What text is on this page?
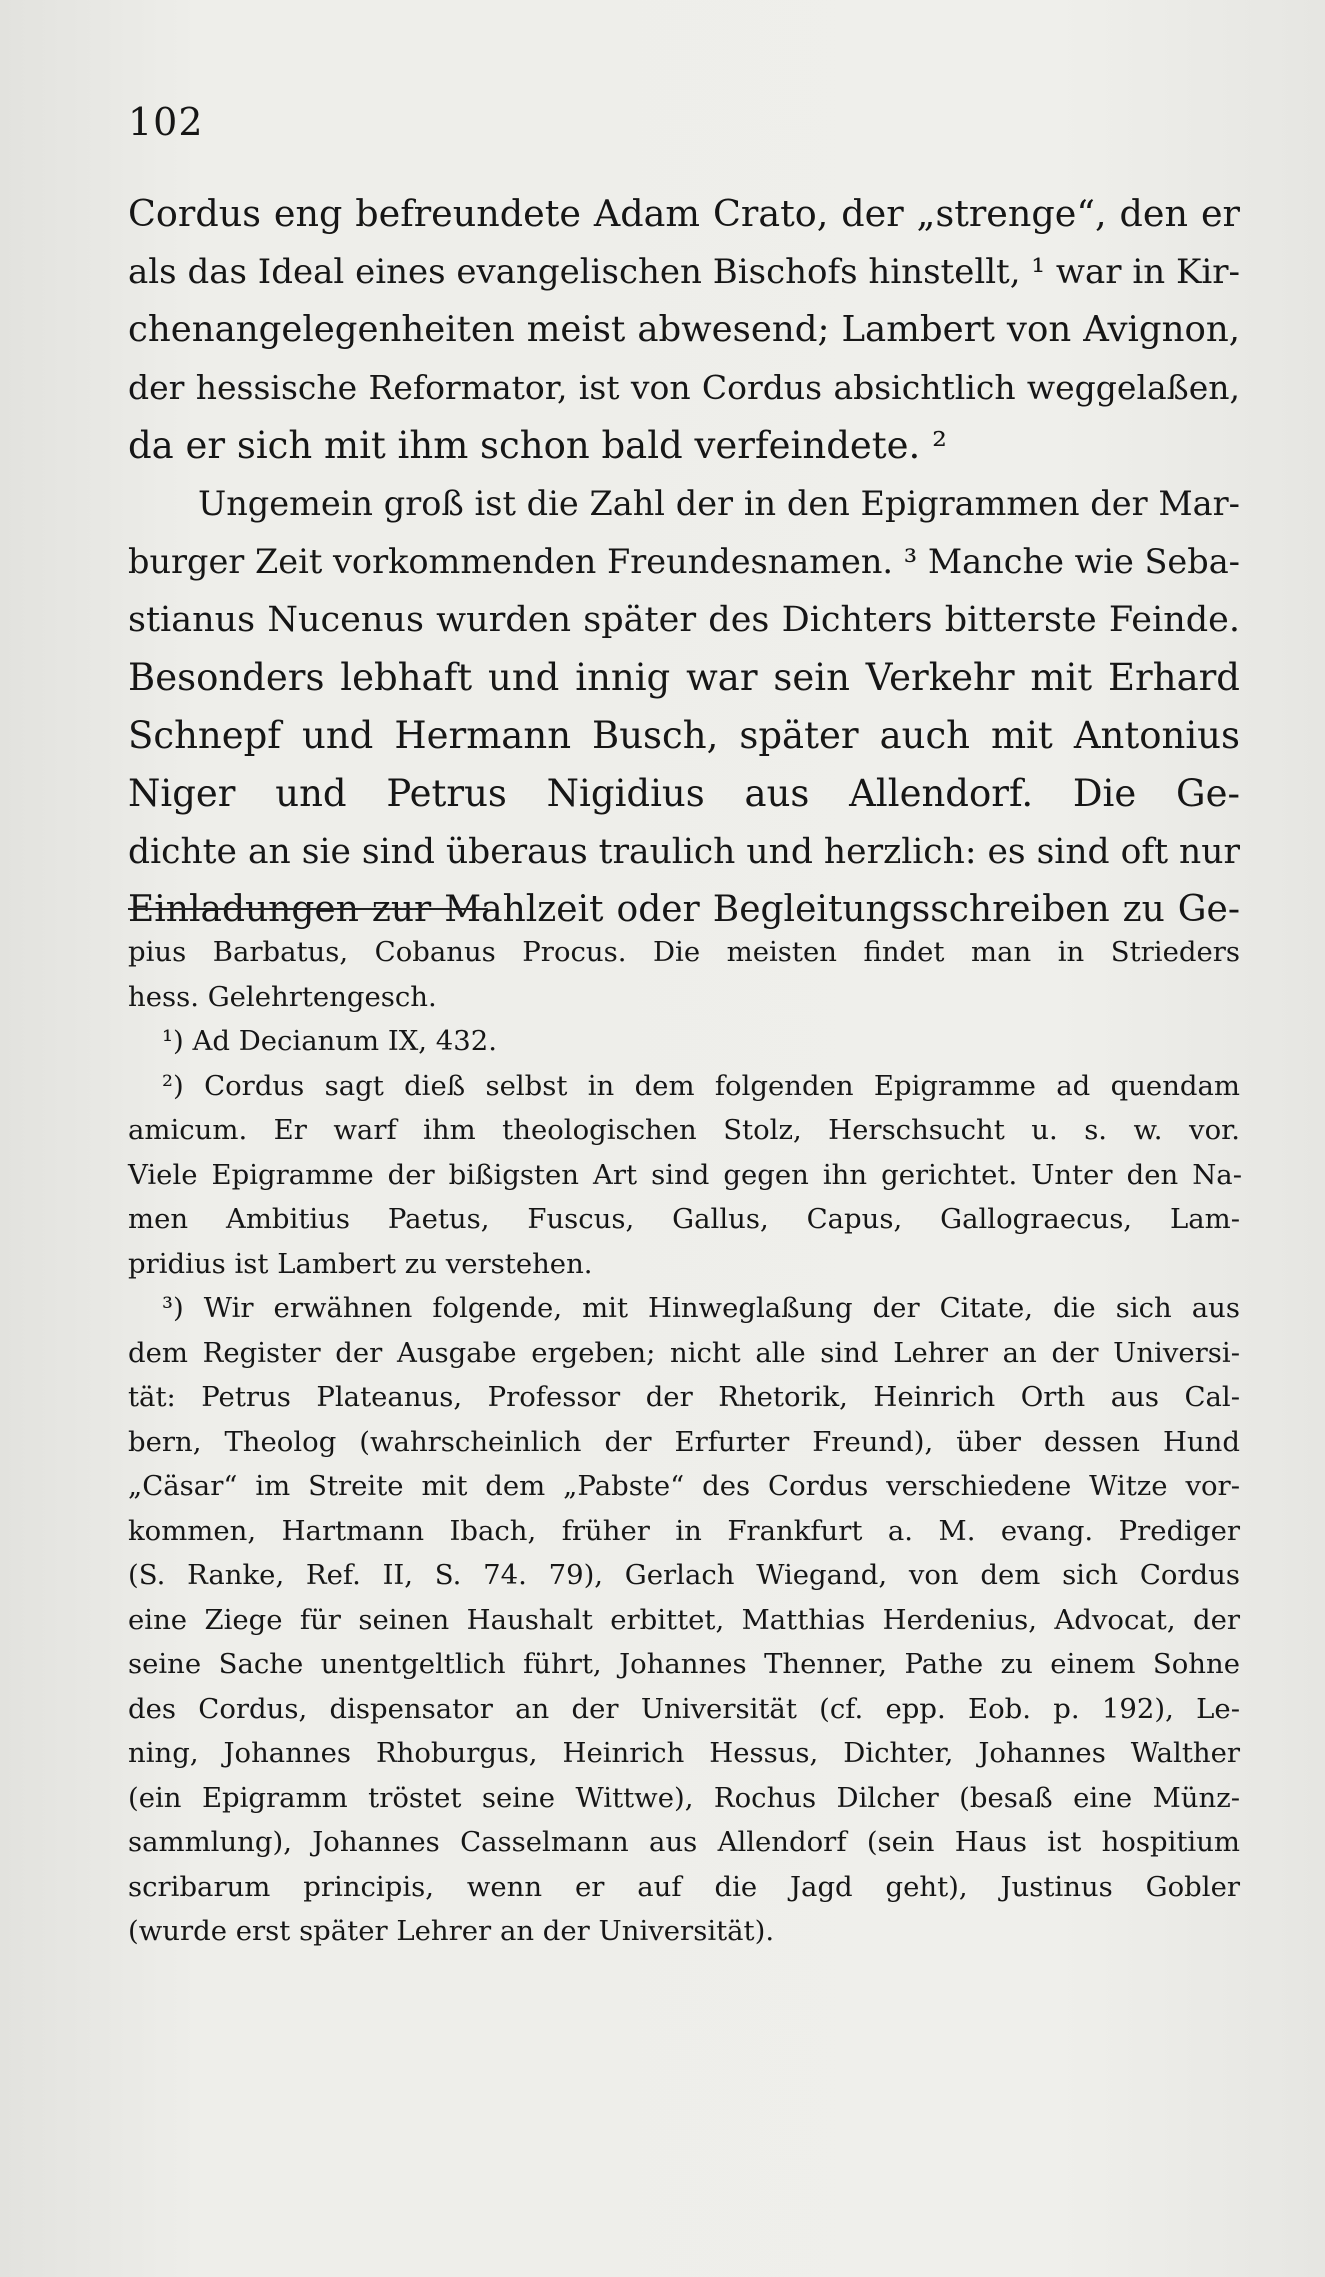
102
Cordus eng befreundete Adam Crato, der „strenge“, den er
als das Ideal eines evangelischen Bischofs hinstellt, ¹ war in Kir-
chenangelegenheiten meist abwesend; Lambert von Avignon,
der hessische Reformator, ist von Cordus absichtlich weggelaßen,
da er sich mit ihm schon bald verfeindete. ²
Ungemein groß ist die Zahl der in den Epigrammen der Mar-
burger Zeit vorkommenden Freundesnamen. ³ Manche wie Seba-
stianus Nucenus wurden später des Dichters bitterste Feinde.
Besonders lebhaft und innig war sein Verkehr mit Erhard
Schnepf und Hermann Busch, später auch mit Antonius
Niger und Petrus Nigidius aus Allendorf. Die Ge-
dichte an sie sind überaus traulich und herzlich: es sind oft nur
Einladungen zur Mahlzeit oder Begleitungsschreiben zu Ge-
pius Barbatus, Cobanus Procus. Die meisten findet man in Strieders
hess. Gelehrtengesch.
¹) Ad Decianum IX, 432.
²) Cordus sagt dieß selbst in dem folgenden Epigramme ad quendam
amicum. Er warf ihm theologischen Stolz, Herschsucht u. s. w. vor.
Viele Epigramme der bißigsten Art sind gegen ihn gerichtet. Unter den Na-
men Ambitius Paetus, Fuscus, Gallus, Capus, Gallograecus, Lam-
pridius ist Lambert zu verstehen.
³) Wir erwähnen folgende, mit Hinweglaßung der Citate, die sich aus
dem Register der Ausgabe ergeben; nicht alle sind Lehrer an der Universi-
tät: Petrus Plateanus, Professor der Rhetorik, Heinrich Orth aus Cal-
bern, Theolog (wahrscheinlich der Erfurter Freund), über dessen Hund
„Cäsar“ im Streite mit dem „Pabste“ des Cordus verschiedene Witze vor-
kommen, Hartmann Ibach, früher in Frankfurt a. M. evang. Prediger
(S. Ranke, Ref. II, S. 74. 79), Gerlach Wiegand, von dem sich Cordus
eine Ziege für seinen Haushalt erbittet, Matthias Herdenius, Advocat, der
seine Sache unentgeltlich führt, Johannes Thenner, Pathe zu einem Sohne
des Cordus, dispensator an der Universität (cf. epp. Eob. p. 192), Le-
ning, Johannes Rhoburgus, Heinrich Hessus, Dichter, Johannes Walther
(ein Epigramm tröstet seine Wittwe), Rochus Dilcher (besaß eine Münz-
sammlung), Johannes Casselmann aus Allendorf (sein Haus ist hospitium
scribarum principis, wenn er auf die Jagd geht), Justinus Gobler
(wurde erst später Lehrer an der Universität).
